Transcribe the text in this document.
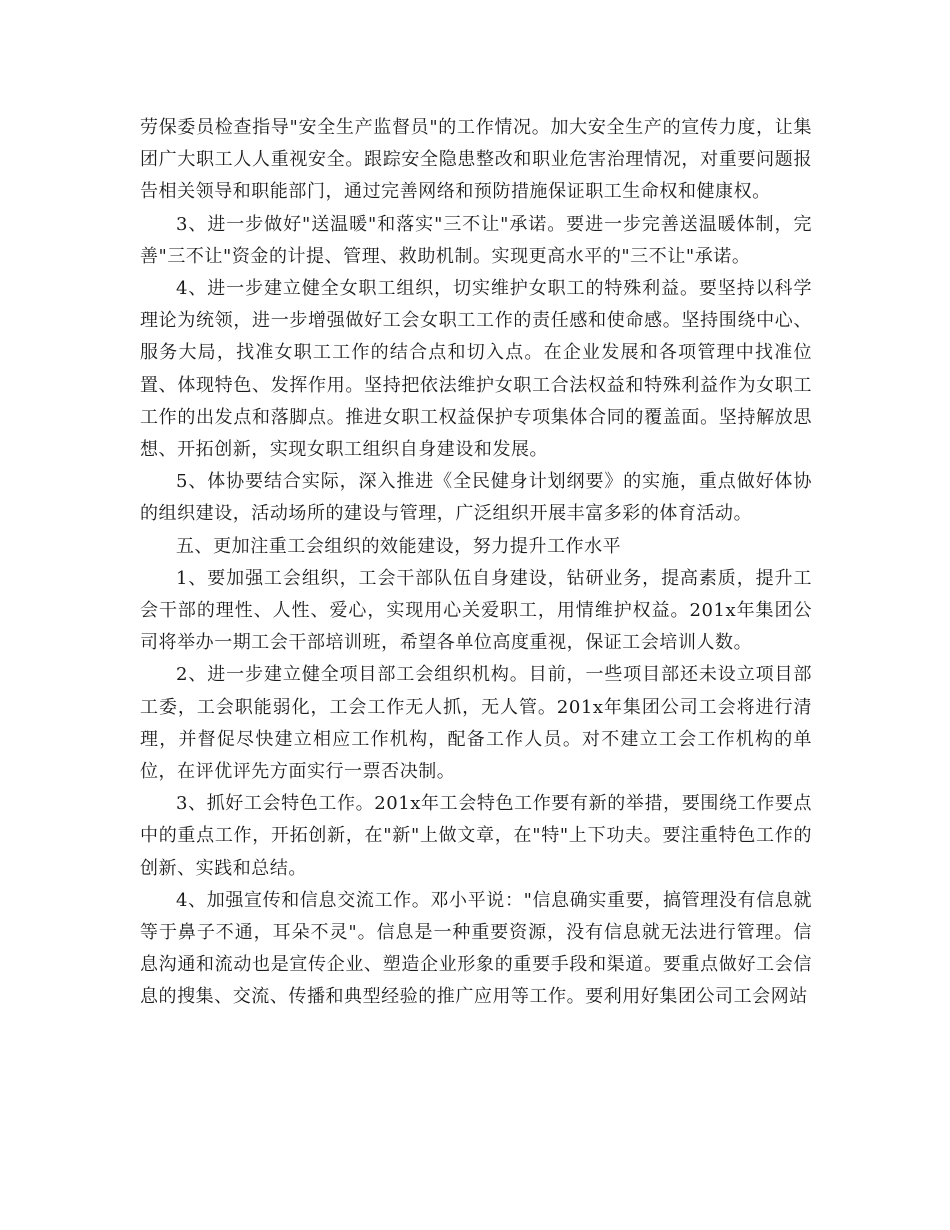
劳保委员检查指导"安全生产监督员"的工作情况。加大安全生产的宣传力度，让集团广大职工人人重视安全。跟踪安全隐患整改和职业危害治理情况，对重要问题报告相关领导和职能部门，通过完善网络和预防措施保证职工生命权和健康权。

3、进一步做好"送温暖"和落实"三不让"承诺。要进一步完善送温暖体制，完善"三不让"资金的计提、管理、救助机制。实现更高水平的"三不让"承诺。

4、进一步建立健全女职工组织，切实维护女职工的特殊利益。要坚持以科学理论为统领，进一步增强做好工会女职工工作的责任感和使命感。坚持围绕中心、服务大局，找准女职工工作的结合点和切入点。在企业发展和各项管理中找准位置、体现特色、发挥作用。坚持把依法维护女职工合法权益和特殊利益作为女职工工作的出发点和落脚点。推进女职工权益保护专项集体合同的覆盖面。坚持解放思想、开拓创新，实现女职工组织自身建设和发展。

5、体协要结合实际，深入推进《全民健身计划纲要》的实施，重点做好体协的组织建设，活动场所的建设与管理，广泛组织开展丰富多彩的体育活动。

五、更加注重工会组织的效能建设，努力提升工作水平

1、要加强工会组织，工会干部队伍自身建设，钻研业务，提高素质，提升工会干部的理性、人性、爱心，实现用心关爱职工，用情维护权益。201x年集团公司将举办一期工会干部培训班，希望各单位高度重视，保证工会培训人数。

2、进一步建立健全项目部工会组织机构。目前，一些项目部还未设立项目部工委，工会职能弱化，工会工作无人抓，无人管。201x年集团公司工会将进行清理，并督促尽快建立相应工作机构，配备工作人员。对不建立工会工作机构的单位，在评优评先方面实行一票否决制。

3、抓好工会特色工作。201x年工会特色工作要有新的举措，要围绕工作要点中的重点工作，开拓创新，在"新"上做文章，在"特"上下功夫。要注重特色工作的创新、实践和总结。

4、加强宣传和信息交流工作。邓小平说："信息确实重要，搞管理没有信息就等于鼻子不通，耳朵不灵"。信息是一种重要资源，没有信息就无法进行管理。信息沟通和流动也是宣传企业、塑造企业形象的重要手段和渠道。要重点做好工会信息的搜集、交流、传播和典型经验的推广应用等工作。要利用好集团公司工会网站
